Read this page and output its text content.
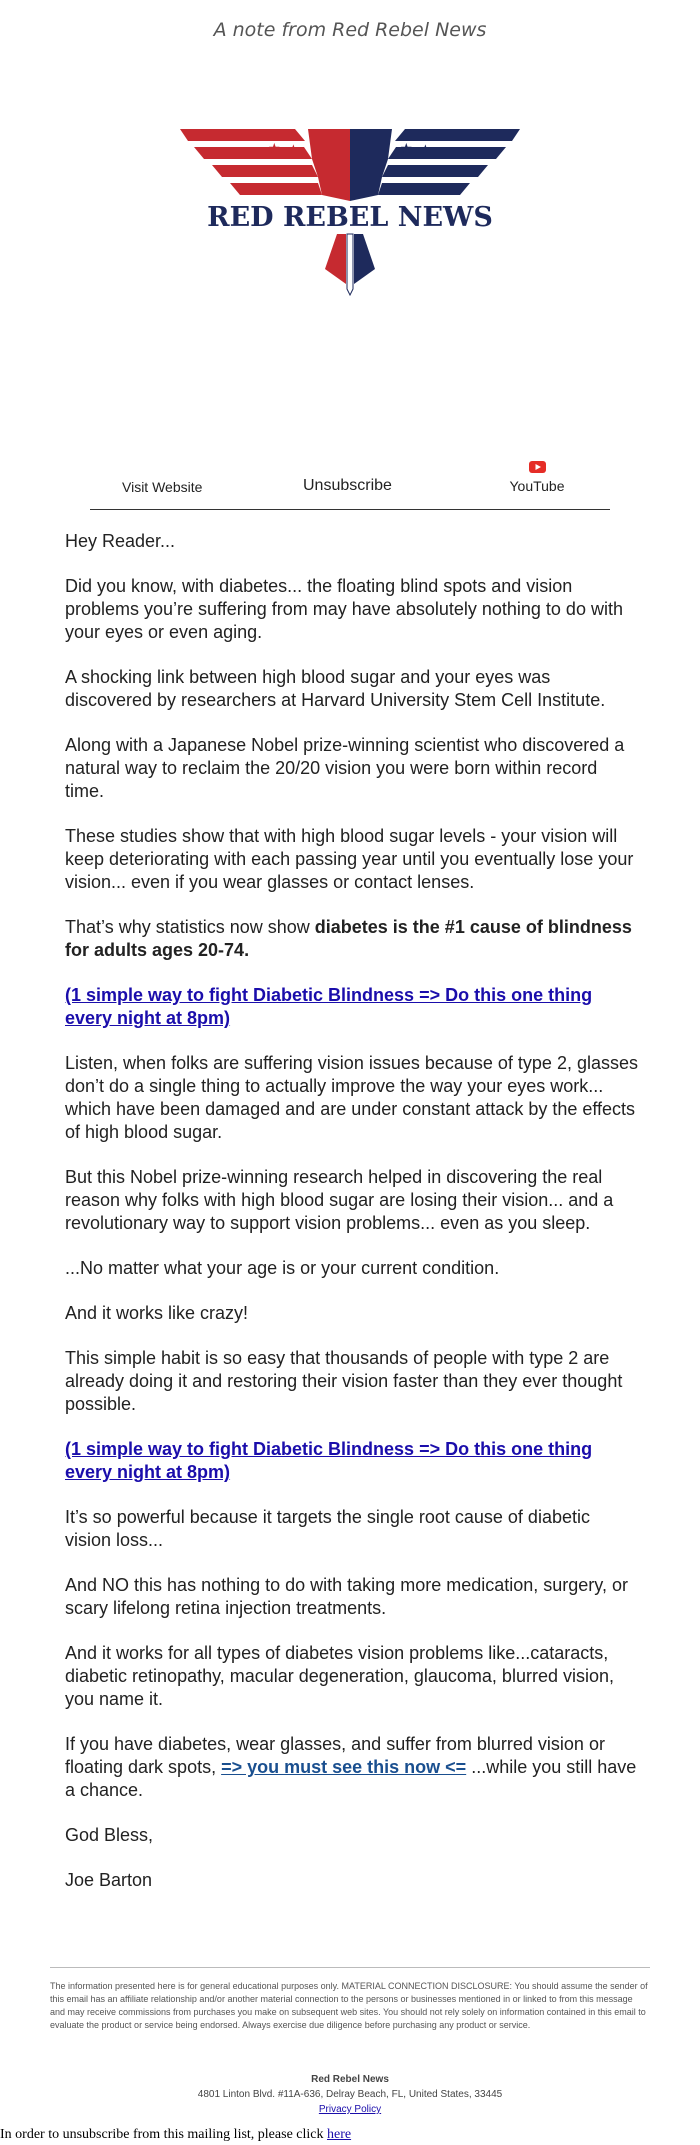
A note from Red Rebel News
★ ★	★ ★
RED REBEL NEWS
Visit Website	Unsubscribe	YouTube

Hey Reader...

Did you know, with diabetes... the floating blind spots and vision problems you’re suffering from may have absolutely nothing to do with your eyes or even aging.

A shocking link between high blood sugar and your eyes was discovered by researchers at Harvard University Stem Cell Institute.

Along with a Japanese Nobel prize-winning scientist who discovered a natural way to reclaim the 20/20 vision you were born within record time.

These studies show that with high blood sugar levels - your vision will keep deteriorating with each passing year until you eventually lose your vision... even if you wear glasses or contact lenses.

That’s why statistics now show diabetes is the #1 cause of blindness for adults ages 20-74.

(1 simple way to fight Diabetic Blindness => Do this one thing every night at 8pm)

Listen, when folks are suffering vision issues because of type 2, glasses don’t do a single thing to actually improve the way your eyes work... which have been damaged and are under constant attack by the effects of high blood sugar.

But this Nobel prize-winning research helped in discovering the real reason why folks with high blood sugar are losing their vision... and a revolutionary way to support vision problems... even as you sleep.

...No matter what your age is or your current condition.

And it works like crazy!

This simple habit is so easy that thousands of people with type 2 are already doing it and restoring their vision faster than they ever thought possible.

(1 simple way to fight Diabetic Blindness => Do this one thing every night at 8pm)

It’s so powerful because it targets the single root cause of diabetic vision loss...

And NO this has nothing to do with taking more medication, surgery, or scary lifelong retina injection treatments.

And it works for all types of diabetes vision problems like...cataracts, diabetic retinopathy, macular degeneration, glaucoma, blurred vision, you name it.

If you have diabetes, wear glasses, and suffer from blurred vision or floating dark spots, => you must see this now <= ...while you still have a chance.

God Bless,

Joe Barton

The information presented here is for general educational purposes only. MATERIAL CONNECTION DISCLOSURE: You should assume the sender of this email has an affiliate relationship and/or another material connection to the persons or businesses mentioned in or linked to from this message and may receive commissions from purchases you make on subsequent web sites. You should not rely solely on information contained in this email to evaluate the product or service being endorsed. Always exercise due diligence before purchasing any product or service.
Red Rebel News
4801 Linton Blvd. #11A-636, Delray Beach, FL, United States, 33445
Privacy Policy
In order to unsubscribe from this mailing list, please click here
